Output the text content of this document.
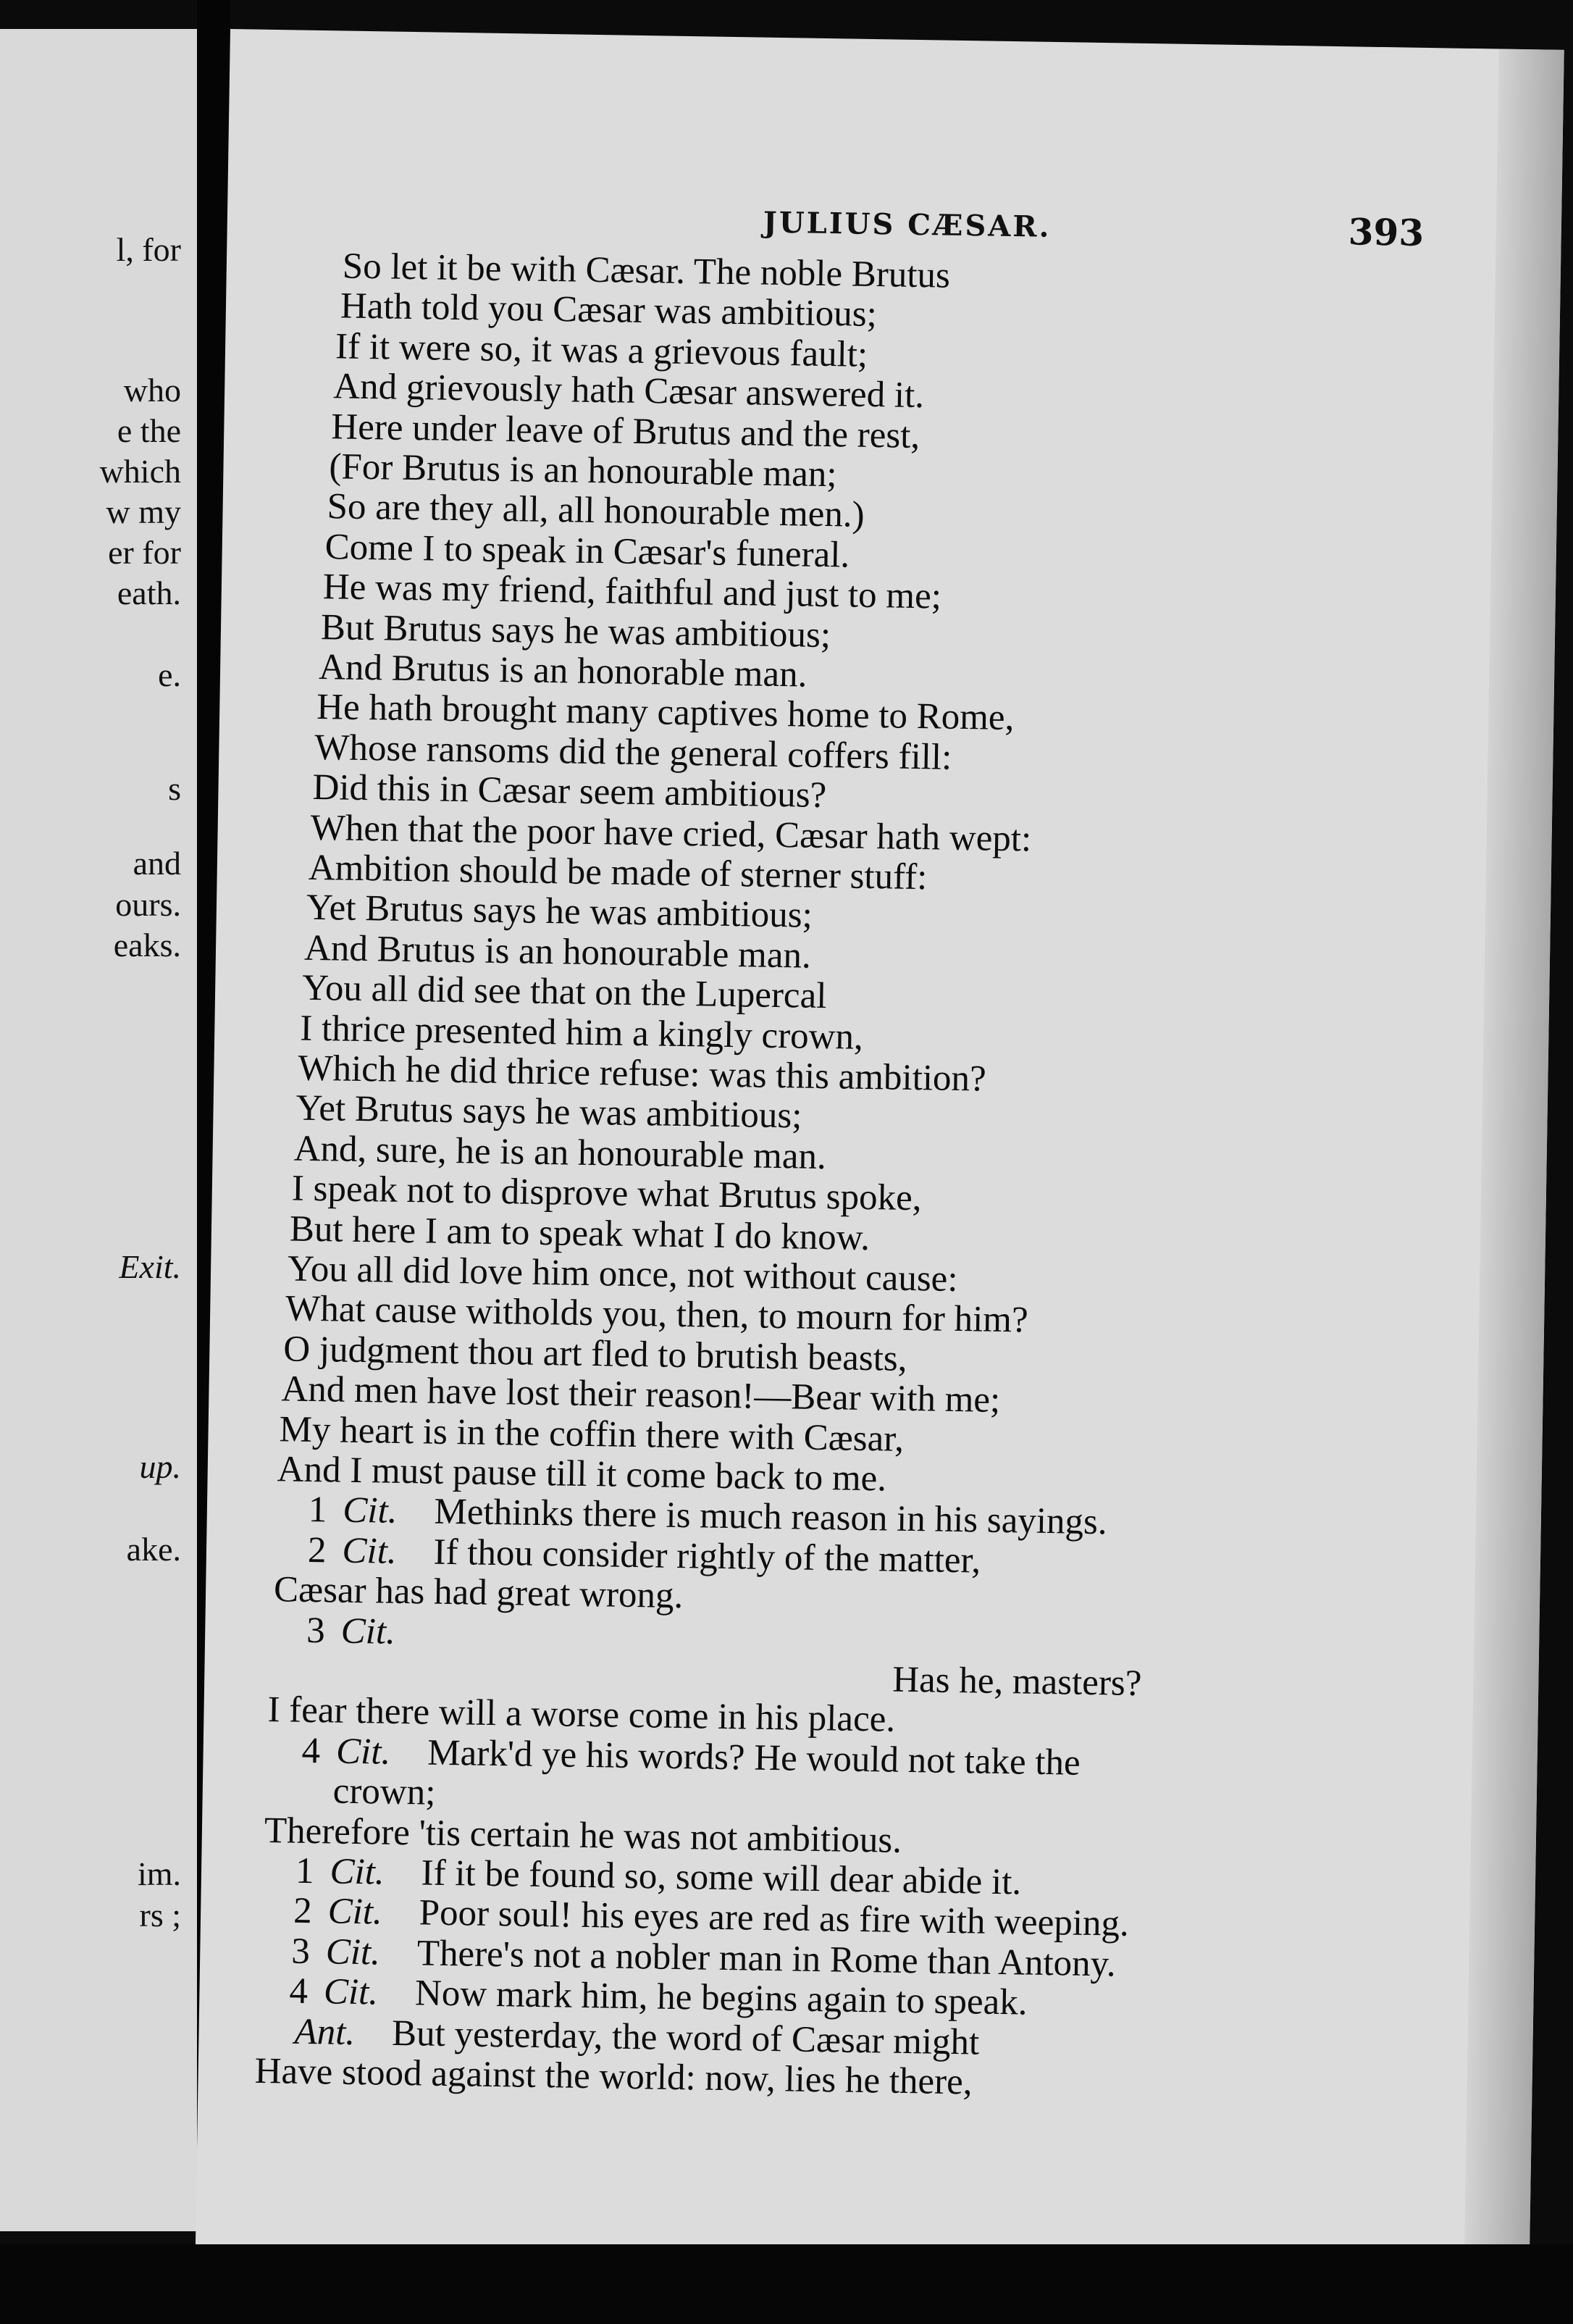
l, for
who
e the
which
w my
er for
eath.
e.
s
and
ours.
eaks.
Exit.
up.
ake.
im.
rs ;
JULIUS CÆSAR.	393
So let it be with Cæsar. The noble Brutus
Hath told you Cæsar was ambitious;
If it were so, it was a grievous fault;
And grievously hath Cæsar answered it.
Here under leave of Brutus and the rest,
(For Brutus is an honourable man;
So are they all, all honourable men.)
Come I to speak in Cæsar's funeral.
He was my friend, faithful and just to me;
But Brutus says he was ambitious;
And Brutus is an honorable man.
He hath brought many captives home to Rome,
Whose ransoms did the general coffers fill:
Did this in Cæsar seem ambitious?
When that the poor have cried, Cæsar hath wept:
Ambition should be made of sterner stuff:
Yet Brutus says he was ambitious;
And Brutus is an honourable man.
You all did see that on the Lupercal
I thrice presented him a kingly crown,
Which he did thrice refuse: was this ambition?
Yet Brutus says he was ambitious;
And, sure, he is an honourable man.
I speak not to disprove what Brutus spoke,
But here I am to speak what I do know.
You all did love him once, not without cause:
What cause witholds you, then, to mourn for him?
O judgment thou art fled to brutish beasts,
And men have lost their reason!—Bear with me;
My heart is in the coffin there with Cæsar,
And I must pause till it come back to me.
1 Cit.  Methinks there is much reason in his sayings.
2 Cit.  If thou consider rightly of the matter,
Cæsar has had great wrong.
3 Cit. 
Has he, masters?
I fear there will a worse come in his place.
4 Cit.  Mark'd ye his words? He would not take the
crown;
Therefore 'tis certain he was not ambitious.
1 Cit.  If it be found so, some will dear abide it.
2 Cit.  Poor soul! his eyes are red as fire with weeping.
3 Cit.  There's not a nobler man in Rome than Antony.
4 Cit.  Now mark him, he begins again to speak.
Ant.  But yesterday, the word of Cæsar might
Have stood against the world: now, lies he there,
